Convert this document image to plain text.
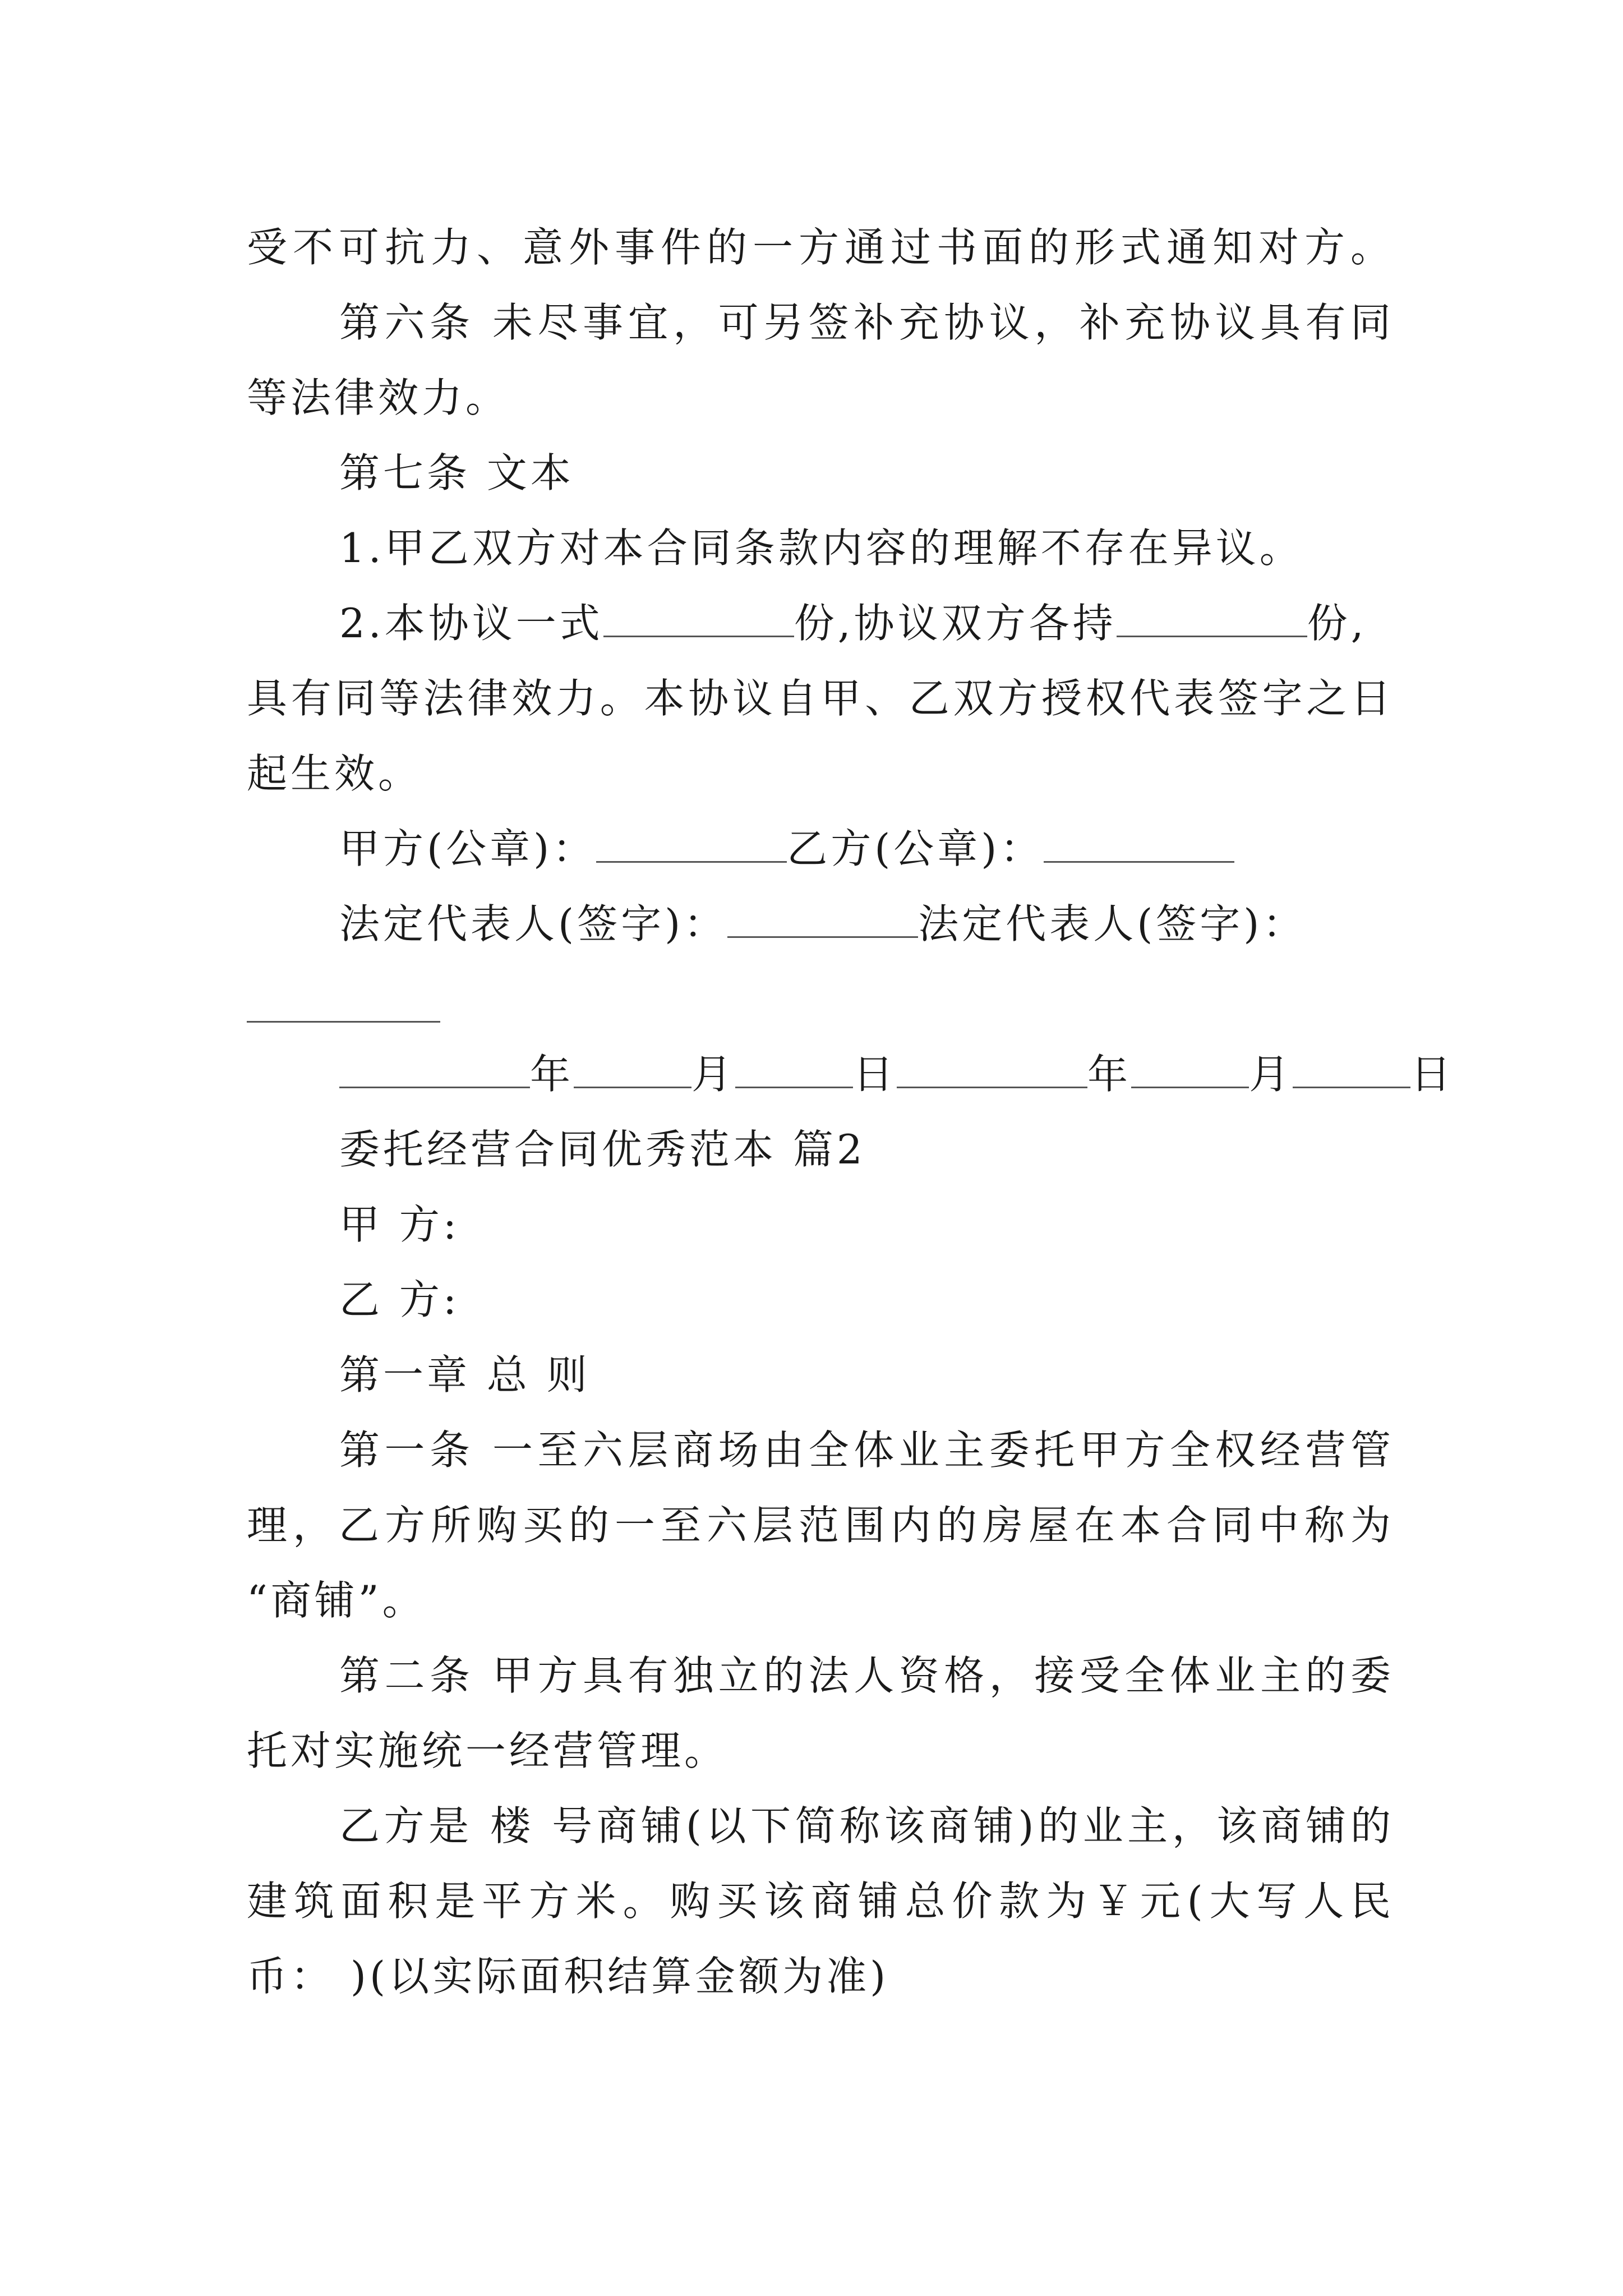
受不可抗力、意外事件的一方通过书面的形式通知对方。
第六条 未尽事宜，可另签补充协议，补充协议具有同
等法律效力。
第七条 文本
1.甲乙双方对本合同条款内容的理解不存在异议。
2.本协议一式	份,协议双方各持	份,
具有同等法律效力。本协议自甲、乙双方授权代表签字之日
起生效。
甲方(公章)：	乙方(公章)：
法定代表人(签字)：	法定代表人(签字)：
年	月	日	年	月	日
委托经营合同优秀范本 篇2
甲 方:
乙 方:
第一章 总 则
第一条 一至六层商场由全体业主委托甲方全权经营管
理，乙方所购买的一至六层范围内的房屋在本合同中称为
“商铺”。
第二条 甲方具有独立的法人资格，接受全体业主的委
托对实施统一经营管理。
乙方是 楼 号商铺(以下简称该商铺)的业主，该商铺的
建筑面积是平方米。购买该商铺总价款为￥元(大写人民
币： )(以实际面积结算金额为准)
